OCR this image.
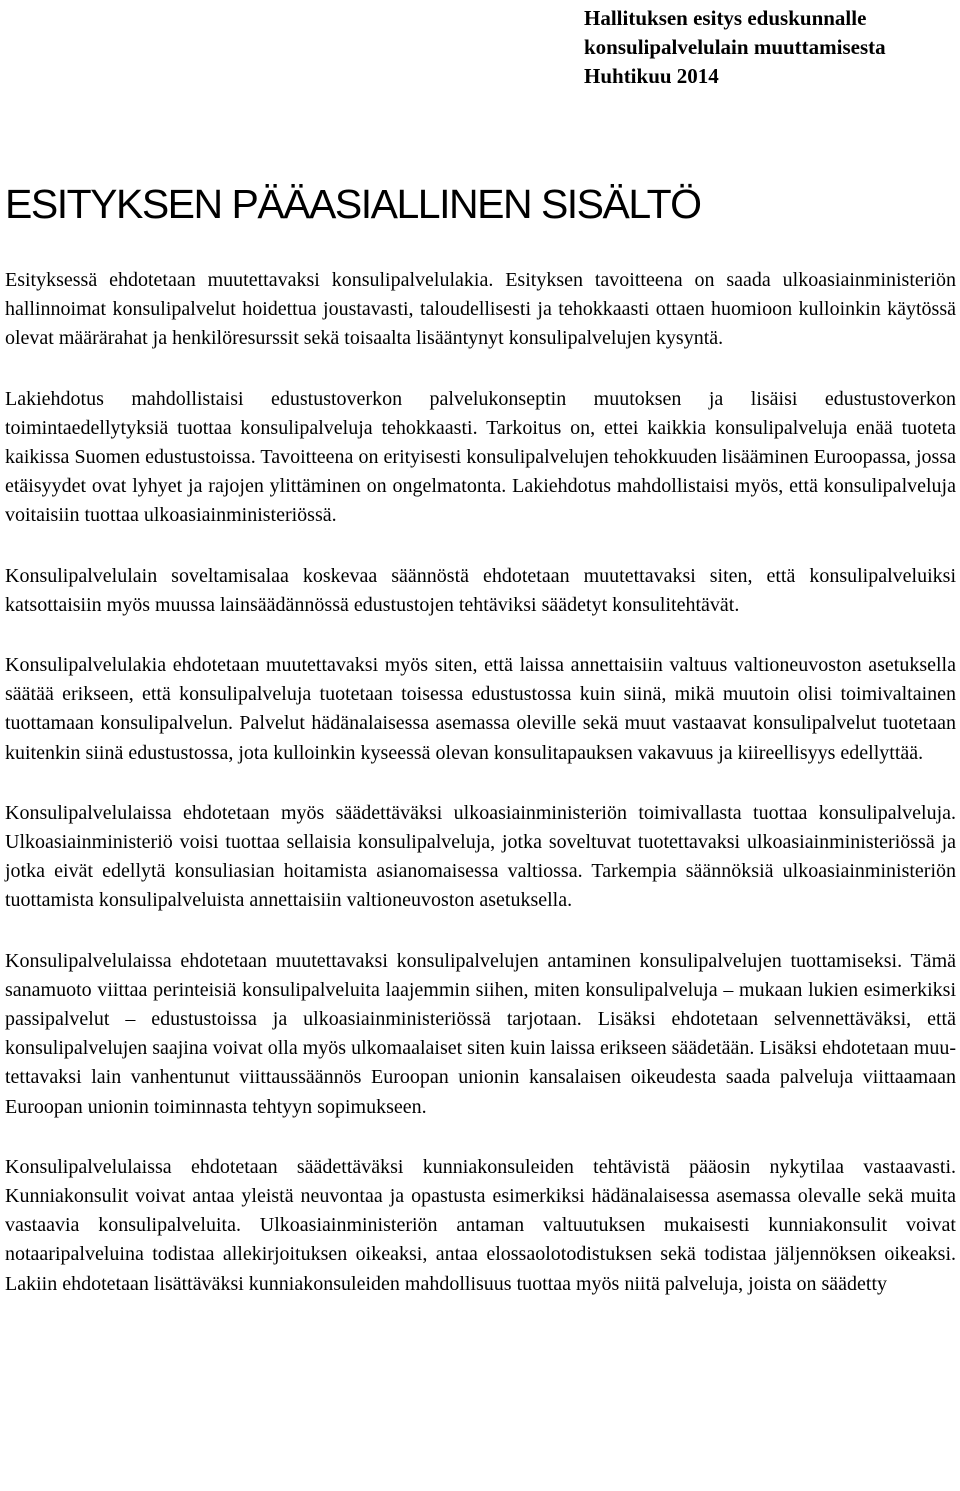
Hallituksen esitys eduskunnalle
konsulipalvelulain muuttamisesta
Huhtikuu 2014
ESITYKSEN PÄÄASIALLINEN SISÄLTÖ

Esityksessä ehdotetaan muutettavaksi konsulipalvelulakia. Esityksen tavoitteena on saada ulkoasiainministeriön hallinnoimat konsulipalvelut hoidettua joustavasti, taloudellisesti ja tehokkaasti ottaen huomioon kulloinkin käytössä olevat määrärahat ja henkilöresurssit sekä toisaalta lisääntynyt konsulipalvelujen kysyntä.

Lakiehdotus mahdollistaisi edustustoverkon palvelukonseptin muutoksen ja lisäisi edustustoverkon toimintaedellytyksiä tuottaa konsulipalveluja tehokkaasti. Tarkoitus on, ettei kaikkia konsulipalveluja enää tuoteta kaikissa Suomen edustustoissa. Tavoitteena on erityisesti konsulipalvelujen tehokkuuden lisääminen Euroopassa, jossa etäisyydet ovat lyhyet ja rajojen ylittäminen on ongelmatonta. Lakiehdotus mahdollistaisi myös, että konsulipalveluja voitaisiin tuottaa ulkoasiainministeriössä.

Konsulipalvelulain soveltamisalaa koskevaa säännöstä ehdotetaan muutettavaksi siten, että konsulipalveluiksi katsottaisiin myös muussa lainsäädännössä edustustojen tehtäviksi säädetyt konsulitehtävät.

Konsulipalvelulakia ehdotetaan muutettavaksi myös siten, että laissa annettaisiin valtuus valtioneuvoston asetuksella säätää erikseen, että konsulipalveluja tuotetaan toisessa edustustossa kuin siinä, mikä muutoin olisi toimivaltainen tuottamaan konsulipalvelun. Palvelut hädänalaisessa asemassa oleville sekä muut vastaavat konsulipalvelut tuotetaan kuitenkin siinä edustustossa, jota kulloinkin kyseessä olevan konsulitapauksen vakavuus ja kiireellisyys edellyttää.

Konsulipalvelulaissa ehdotetaan myös säädettäväksi ulkoasiainministeriön toimivallasta tuottaa konsulipalveluja. Ulkoasiainministeriö voisi tuottaa sellaisia konsulipalveluja, jotka soveltuvat tuotettavaksi ulkoasiainministeriössä ja jotka eivät edellytä konsuliasian hoitamista asianomaisessa valtiossa. Tarkempia säännöksiä ulkoasiainministeriön tuottamista konsulipalveluista annettaisiin valtioneuvoston asetuksella.

Konsulipalvelulaissa ehdotetaan muutettavaksi konsulipalvelujen antaminen konsulipalvelujen tuottamiseksi. Tämä sanamuoto viittaa perinteisiä konsulipalveluita laajemmin siihen, miten konsulipalveluja – mukaan lukien esimerkiksi passipalvelut – edustustoissa ja ulkoasiainministeriössä tarjotaan. Lisäksi ehdotetaan selvennettäväksi, että konsulipalvelujen saajina voivat olla myös ulkomaalaiset siten kuin laissa erikseen säädetään. Lisäksi ehdotetaan muutettavaksi lain vanhentunut viittaussäännös Euroopan unionin kansalaisen oikeudesta saada palveluja viittaamaan Euroopan unionin toiminnasta tehtyyn sopimukseen.

Konsulipalvelulaissa ehdotetaan säädettäväksi kunniakonsuleiden tehtävistä pääosin nykytilaa vastaavasti. Kunniakonsulit voivat antaa yleistä neuvontaa ja opastusta esimerkiksi hädänalaisessa asemassa olevalle sekä muita vastaavia konsulipalveluita. Ulkoasiainministeriön antaman valtuutuksen mukaisesti kunniakonsulit voivat notaaripalveluina todistaa allekirjoituksen oikeaksi, antaa elossaolotodistuksen sekä todistaa jäljennöksen oikeaksi. Lakiin ehdotetaan lisättäväksi kunniakonsuleiden mahdollisuus tuottaa myös niitä palveluja, joista on säädetty
